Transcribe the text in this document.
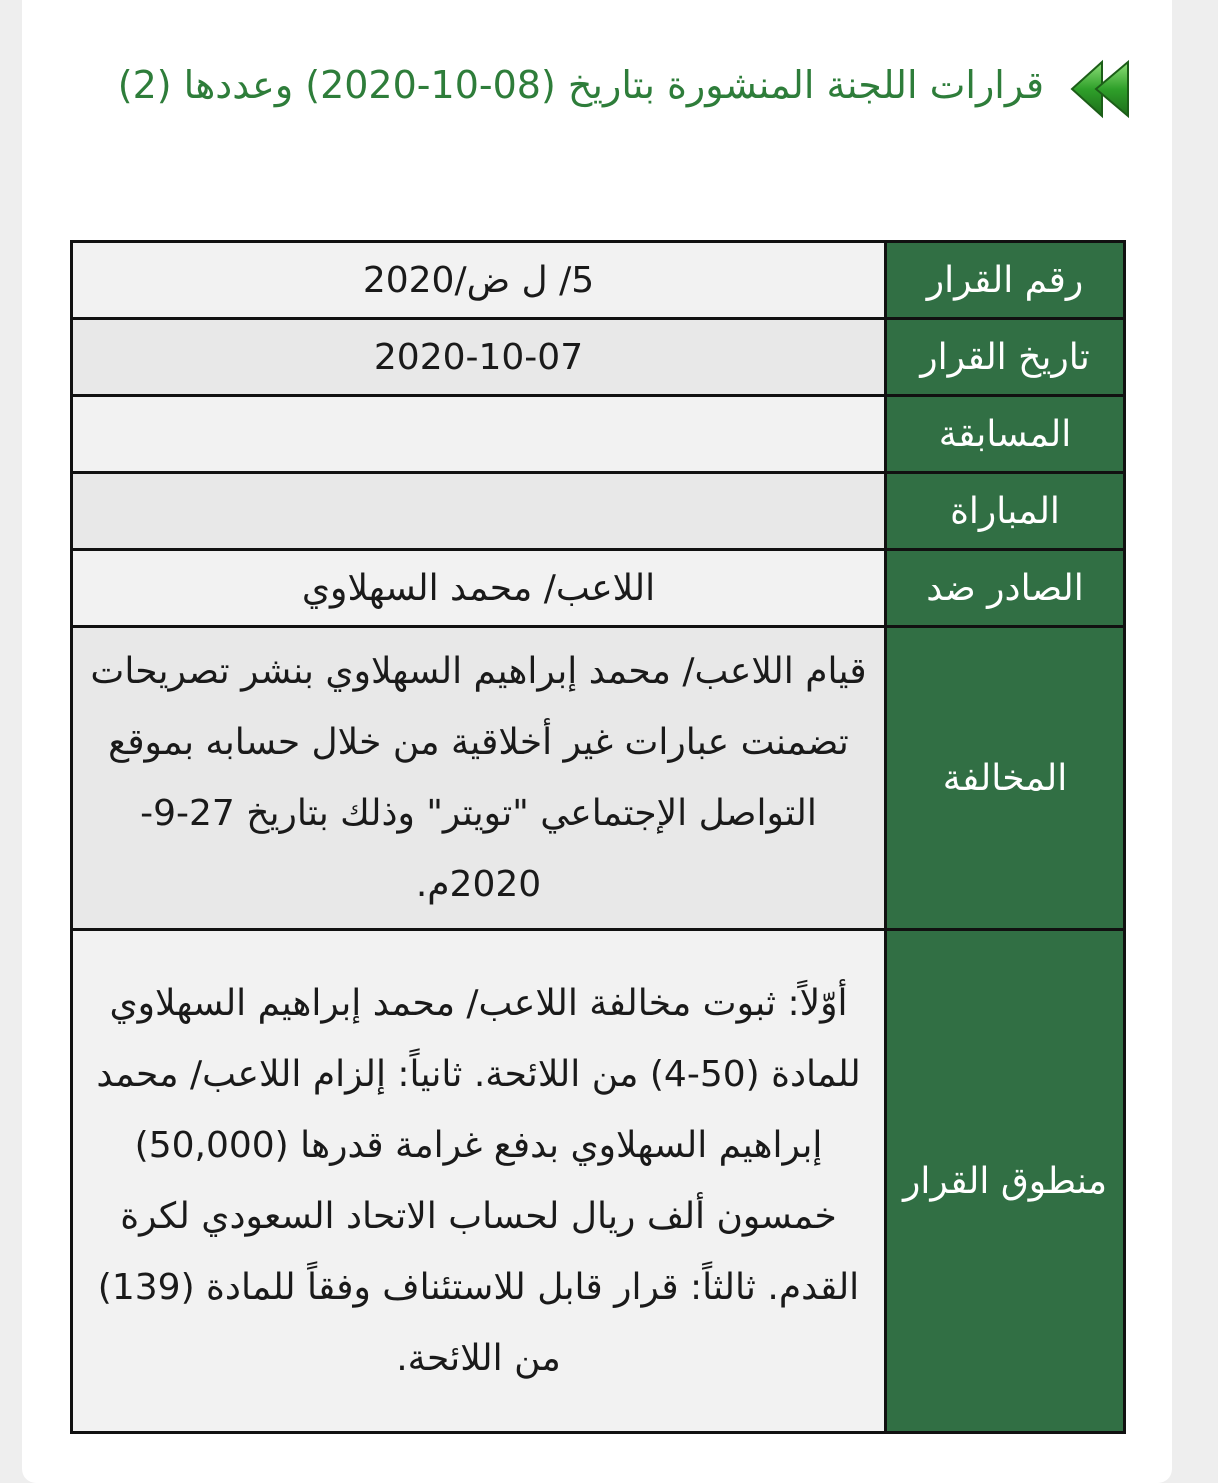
قرارات اللجنة المنشورة بتاريخ (08-10-2020) وعددها (2)
رقم القرار	5/ ل ض/2020
تاريخ القرار	2020-10-07
المسابقة	
المباراة	
الصادر ضد	اللاعب/ محمد السهلاوي
المخالفة	قيام اللاعب/ محمد إبراهيم السهلاوي بنشر تصريحات تضمنت عبارات غير أخلاقية من خلال حسابه بموقع التواصل الإجتماعي "تويتر" وذلك بتاريخ 27-9-2020م.
منطوق القرار	أوّلاً: ثبوت مخالفة اللاعب/ محمد إبراهيم السهلاوي للمادة (50-4) من اللائحة. ثانياً: إلزام اللاعب/ محمد إبراهيم السهلاوي بدفع غرامة قدرها (50,000) خمسون ألف ريال لحساب الاتحاد السعودي لكرة القدم. ثالثاً: قرار قابل للاستئناف وفقاً للمادة (139) من اللائحة.
